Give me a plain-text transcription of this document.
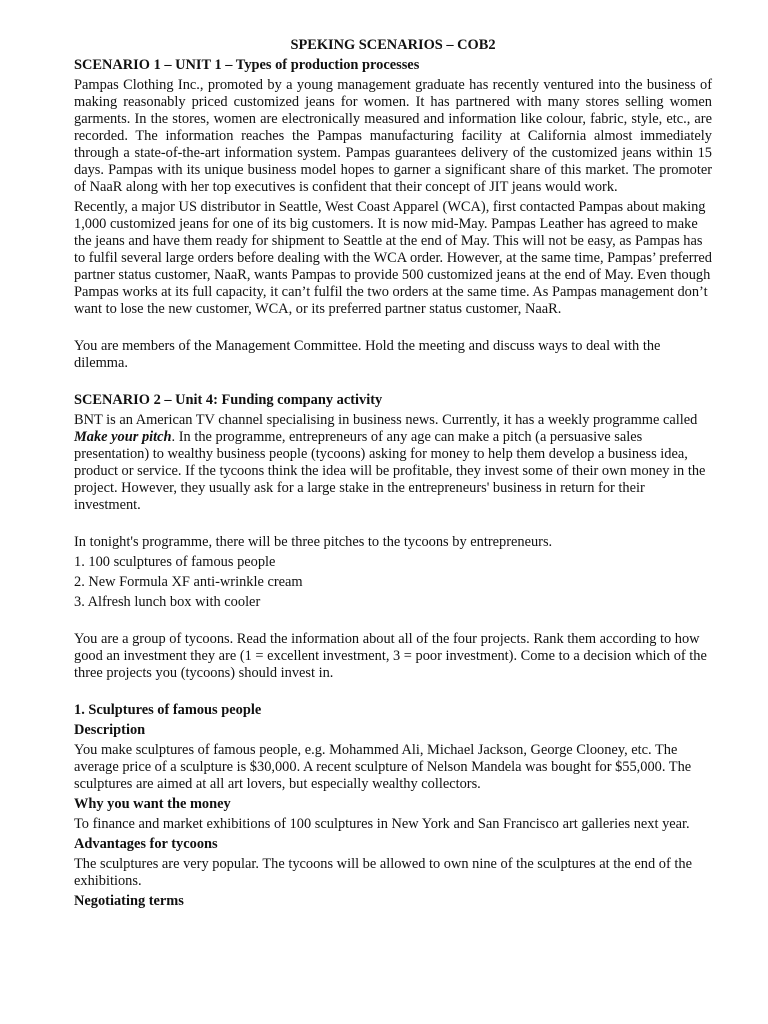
SPEKING SCENARIOS – COB2
SCENARIO 1 – UNIT 1 – Types of production processes

Pampas Clothing Inc., promoted by a young management graduate has recently ventured into the business of making reasonably priced customized jeans for women. It has partnered with many stores selling women garments. In the stores, women are electronically measured and information like colour, fabric, style, etc., are recorded. The information reaches the Pampas manufacturing facility at California almost immediately through a state-of-the-art information system. Pampas guarantees delivery of the customized jeans within 15 days. Pampas with its unique business model hopes to garner a significant share of this market. The promoter of NaaR along with her top executives is confident that their concept of JIT jeans would work.

Recently, a major US distributor in Seattle, West Coast Apparel (WCA), first contacted Pampas about making 1,000 customized jeans for one of its big customers. It is now mid-May. Pampas Leather has agreed to make the jeans and have them ready for shipment to Seattle at the end of May. This will not be easy, as Pampas has to fulfil several large orders before dealing with the WCA order. However, at the same time, Pampas’ preferred partner status customer, NaaR, wants Pampas to provide 500 customized jeans at the end of May. Even though Pampas works at its full capacity, it can’t fulfil the two orders at the same time. As Pampas management don’t want to lose the new customer, WCA, or its preferred partner status customer, NaaR.

You are members of the Management Committee. Hold the meeting and discuss ways to deal with the dilemma.

SCENARIO 2 – Unit 4: Funding company activity

BNT is an American TV channel specialising in business news. Currently, it has a weekly programme called Make your pitch. In the programme, entrepreneurs of any age can make a pitch (a persuasive sales presentation) to wealthy business people (tycoons) asking for money to help them develop a business idea, product or service. If the tycoons think the idea will be profitable, they invest some of their own money in the project. However, they usually ask for a large stake in the entrepreneurs' business in return for their investment.

In tonight's programme, there will be three pitches to the tycoons by entrepreneurs.

1. 100 sculptures of famous people
2. New Formula XF anti-wrinkle cream
3. Alfresh lunch box with cooler

You are a group of tycoons. Read the information about all of the four projects. Rank them according to how good an investment they are (1 = excellent investment, 3 = poor investment). Come to a decision which of the three projects you (tycoons) should invest in.

1. Sculptures of famous people
Description

You make sculptures of famous people, e.g. Mohammed Ali, Michael Jackson, George Clooney, etc. The average price of a sculpture is $30,000. A recent sculpture of Nelson Mandela was bought for $55,000. The sculptures are aimed at all art lovers, but especially wealthy collectors.

Why you want the money

To finance and market exhibitions of 100 sculptures in New York and San Francisco art galleries next year.

Advantages for tycoons

The sculptures are very popular. The tycoons will be allowed to own nine of the sculptures at the end of the exhibitions.

Negotiating terms
